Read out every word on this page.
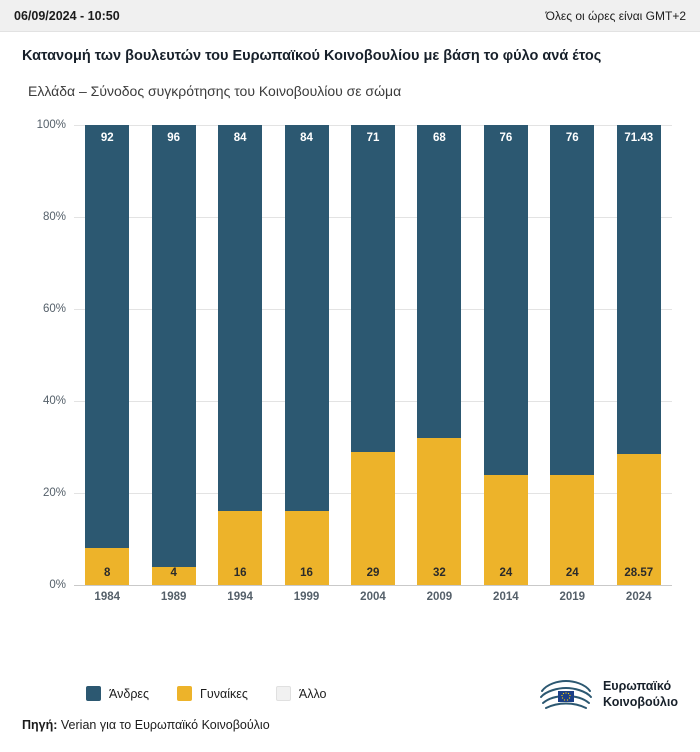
06/09/2024 - 10:50	Όλες οι ώρες είναι GMT+2
Κατανομή των βουλευτών του Ευρωπαϊκού Κοινοβουλίου με βάση το φύλο ανά έτος
Ελλάδα – Σύνοδος συγκρότησης του Κοινοβουλίου σε σώμα
0%
20%
40%
60%
80%
100%
92
8
96
4
84
16
84
16
71
29
68
32
76
24
76
24
71.43
28.57
1984	1989	1994	1999	2004	2009	2014	2019	2024
Άνδρες	Γυναίκες	Άλλο
Ευρωπαϊκό
Κοινοβούλιο
Πηγή: Verian για το Ευρωπαϊκό Κοινοβούλιο
